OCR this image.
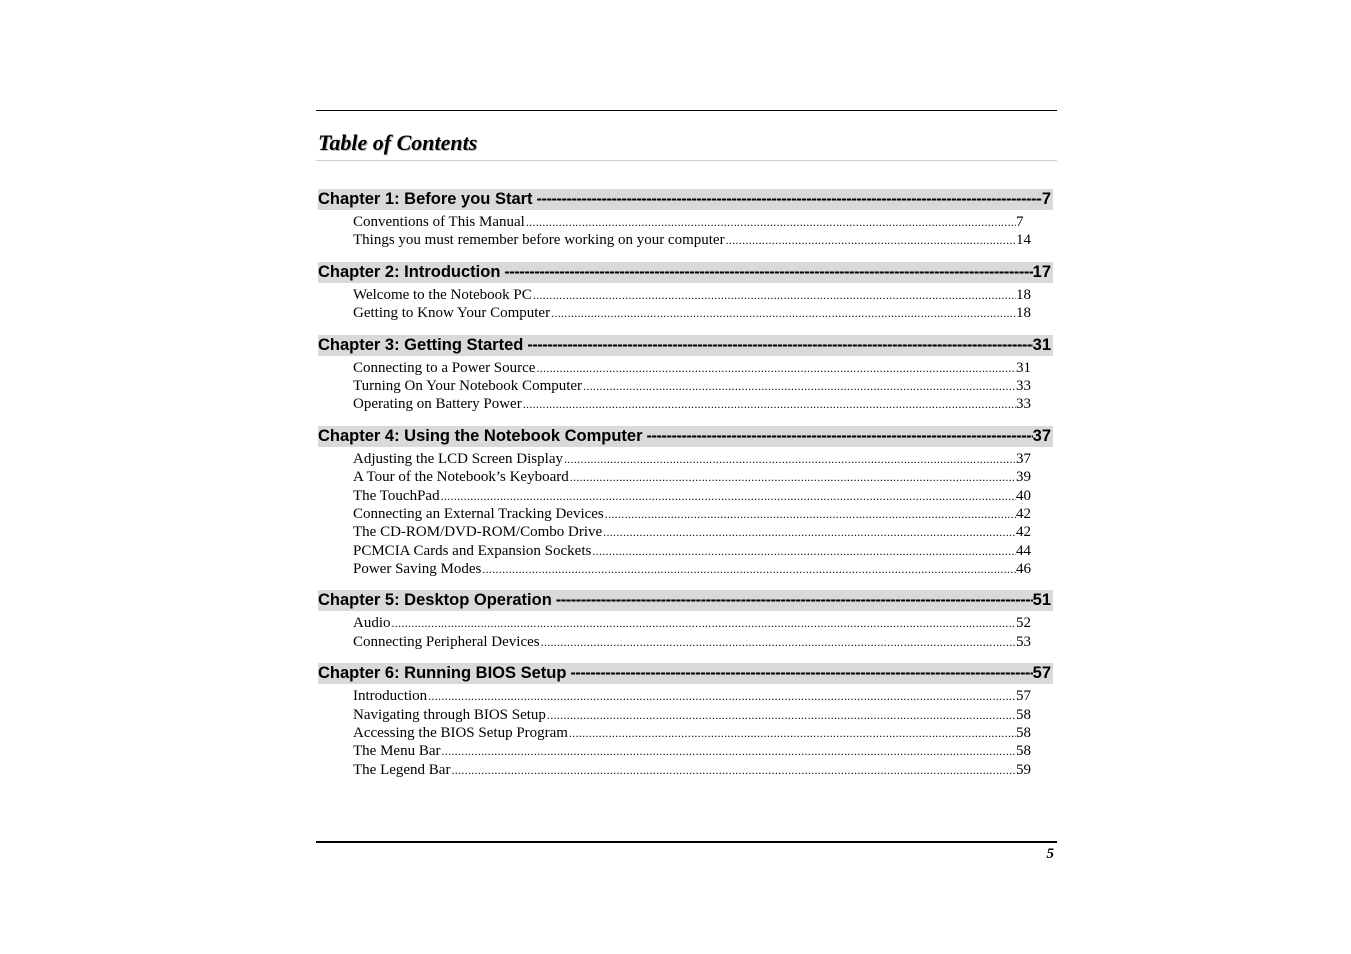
Table of Contents
Chapter 1: Before you Start -----	7
Conventions of This Manual .....	7
Things you must remember before working on your computer .....	14
Chapter 2: Introduction -----	17
Welcome to the Notebook PC .....	18
Getting to Know Your Computer .....	18
Chapter 3: Getting Started -----	31
Connecting to a Power Source .....	31
Turning On Your Notebook Computer .....	33
Operating on Battery Power .....	33
Chapter 4: Using the Notebook Computer -----	37
Adjusting the LCD Screen Display .....	37
A Tour of the Notebook’s Keyboard .....	39
The TouchPad .....	40
Connecting an External Tracking Devices .....	42
The CD-ROM/DVD-ROM/Combo Drive .....	42
PCMCIA Cards and Expansion Sockets .....	44
Power Saving Modes .....	46
Chapter 5: Desktop Operation -----	51
Audio .....	52
Connecting Peripheral Devices .....	53
Chapter 6: Running BIOS Setup -----	57
Introduction .....	57
Navigating through BIOS Setup .....	58
Accessing the BIOS Setup Program .....	58
The Menu Bar .....	58
The Legend Bar .....	59
5
